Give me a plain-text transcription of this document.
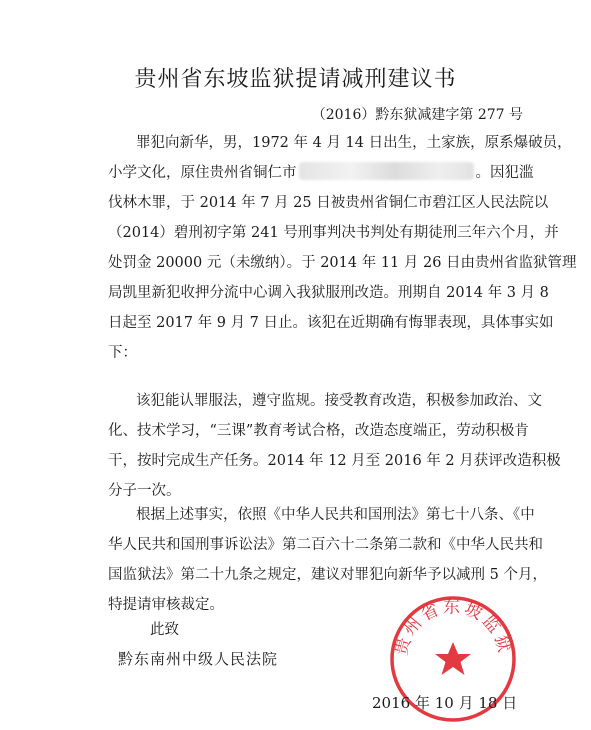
贵州省东坡监狱提请减刑建议书
（2016）黔东狱减建字第 277 号
罪犯向新华，男，1972 年 4 月 14 日出生，土家族，原系爆破员，
小学文化，原住贵州省铜仁市	。因犯滥
伐林木罪，于 2014 年 7 月 25 日被贵州省铜仁市碧江区人民法院以
（2014）碧刑初字第 241 号刑事判决书判处有期徒刑三年六个月，并
处罚金 20000 元（未缴纳）。于 2014 年 11 月 26 日由贵州省监狱管理
局凯里新犯收押分流中心调入我狱服刑改造。刑期自 2014 年 3 月 8
日起至 2017 年 9 月 7 日止。该犯在近期确有悔罪表现，具体事实如
下：
该犯能认罪服法，遵守监规。接受教育改造，积极参加政治、文
化、技术学习，“三课”教育考试合格，改造态度端正，劳动积极肯
干，按时完成生产任务。2014 年 12 月至 2016 年 2 月获评改造积极
分子一次。
根据上述事实，依照《中华人民共和国刑法》第七十八条、《中
华人民共和国刑事诉讼法》第二百六十二条第二款和《中华人民共和
国监狱法》第二十九条之规定，建议对罪犯向新华予以减刑 5 个月，
特提请审核裁定。
此致
黔东南州中级人民法院
贵州省东坡监狱
2016 年 10 月 18 日
